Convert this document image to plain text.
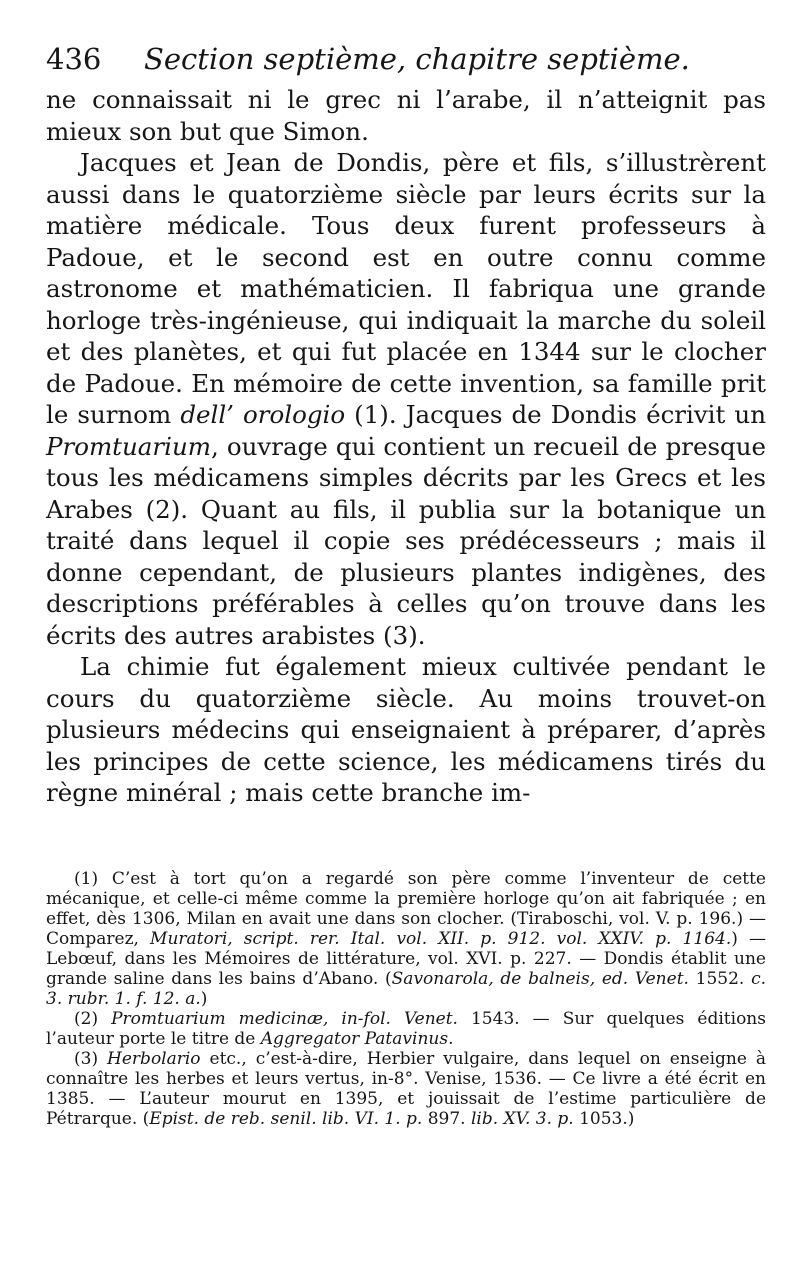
436 Section septième, chapitre septième.

ne connaissait ni le grec ni l’arabe, il n’atteignit pas mieux son but que Simon.

Jacques et Jean de Dondis, père et fils, s’illustrèrent aussi dans le quatorzième siècle par leurs écrits sur la matière médicale. Tous deux furent professeurs à Padoue, et le second est en outre connu comme astronome et mathématicien. Il fabriqua une grande horloge très-ingénieuse, qui indiquait la marche du soleil et des planètes, et qui fut placée en 1344 sur le clocher de Padoue. En mémoire de cette invention, sa famille prit le surnom dell’ orologio (1). Jacques de Dondis écrivit un Promtuarium, ouvrage qui contient un recueil de presque tous les médicamens simples décrits par les Grecs et les Arabes (2). Quant au fils, il publia sur la botanique un traité dans lequel il copie ses prédécesseurs ; mais il donne cependant, de plusieurs plantes indigènes, des descriptions préférables à celles qu’on trouve dans les écrits des autres arabistes (3).

La chimie fut également mieux cultivée pendant le cours du quatorzième siècle. Au moins trouvet-on plusieurs médecins qui enseignaient à préparer, d’après les principes de cette science, les médicamens tirés du règne minéral ; mais cette branche im-

(1) C’est à tort qu’on a regardé son père comme l’inventeur de cette mécanique, et celle-ci même comme la première horloge qu’on ait fabriquée ; en effet, dès 1306, Milan en avait une dans son clocher. (Tiraboschi, vol. V. p. 196.) — Comparez, Muratori, script. rer. Ital. vol. XII. p. 912. vol. XXIV. p. 1164.) — Lebœuf, dans les Mémoires de littérature, vol. XVI. p. 227. — Dondis établit une grande saline dans les bains d’Abano. (Savonarola, de balneis, ed. Venet. 1552. c. 3. rubr. 1. f. 12. a.)

(2) Promtuarium medicinæ, in-fol. Venet. 1543. — Sur quelques éditions l’auteur porte le titre de Aggregator Patavinus.

(3) Herbolario etc., c’est-à-dire, Herbier vulgaire, dans lequel on enseigne à connaître les herbes et leurs vertus, in-8°. Venise, 1536. — Ce livre a été écrit en 1385. — L’auteur mourut en 1395, et jouissait de l’estime particulière de Pétrarque. (Epist. de reb. senil. lib. VI. 1. p. 897. lib. XV. 3. p. 1053.)
